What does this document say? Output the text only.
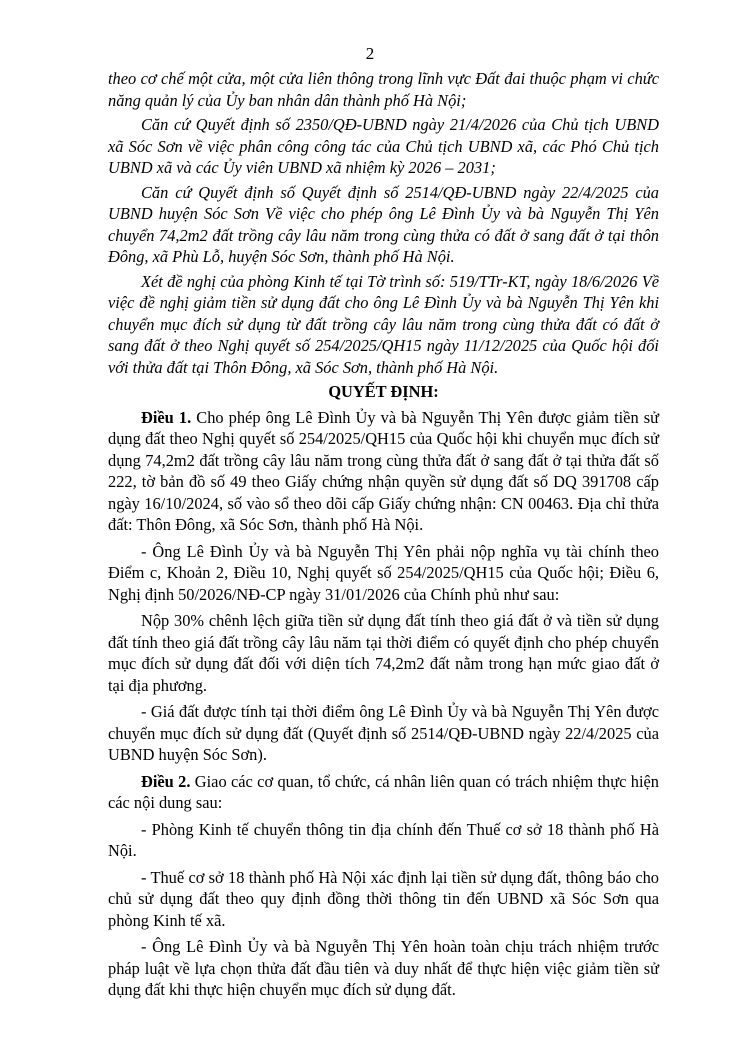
2

theo cơ chế một cửa, một cửa liên thông trong lĩnh vực Đất đai thuộc phạm vi chức năng quản lý của Ủy ban nhân dân thành phố Hà Nội;

Căn cứ Quyết định số 2350/QĐ-UBND ngày 21/4/2026 của Chủ tịch UBND xã Sóc Sơn về việc phân công công tác của Chủ tịch UBND xã, các Phó Chủ tịch UBND xã và các Ủy viên UBND xã nhiệm kỳ 2026 – 2031;

Căn cứ Quyết định số Quyết định số 2514/QĐ-UBND ngày 22/4/2025 của UBND huyện Sóc Sơn Về việc cho phép ông Lê Đình Ủy và bà Nguyễn Thị Yên chuyển 74,2m2 đất trồng cây lâu năm trong cùng thửa có đất ở sang đất ở tại thôn Đông, xã Phù Lỗ, huyện Sóc Sơn, thành phố Hà Nội.

Xét đề nghị của phòng Kinh tế tại Tờ trình số: 519/TTr-KT, ngày 18/6/2026 Về việc đề nghị giảm tiền sử dụng đất cho ông Lê Đình Ủy và bà Nguyễn Thị Yên khi chuyển mục đích sử dụng từ đất trồng cây lâu năm trong cùng thửa đất có đất ở sang đất ở theo Nghị quyết số 254/2025/QH15 ngày 11/12/2025 của Quốc hội đối với thửa đất tại Thôn Đông, xã Sóc Sơn, thành phố Hà Nội.

QUYẾT ĐỊNH:

Điều 1. Cho phép ông Lê Đình Ủy và bà Nguyễn Thị Yên được giảm tiền sử dụng đất theo Nghị quyết số 254/2025/QH15 của Quốc hội khi chuyển mục đích sử dụng 74,2m2 đất trồng cây lâu năm trong cùng thửa đất ở sang đất ở tại thửa đất số 222, tờ bản đồ số 49 theo Giấy chứng nhận quyền sử dụng đất số DQ 391708 cấp ngày 16/10/2024, số vào sổ theo dõi cấp Giấy chứng nhận: CN 00463. Địa chỉ thửa đất: Thôn Đông, xã Sóc Sơn, thành phố Hà Nội.

- Ông Lê Đình Ủy và bà Nguyễn Thị Yên phải nộp nghĩa vụ tài chính theo Điểm c, Khoản 2, Điều 10, Nghị quyết số 254/2025/QH15 của Quốc hội; Điều 6, Nghị định 50/2026/NĐ-CP ngày 31/01/2026 của Chính phủ như sau:

Nộp 30% chênh lệch giữa tiền sử dụng đất tính theo giá đất ở và tiền sử dụng đất tính theo giá đất trồng cây lâu năm tại thời điểm có quyết định cho phép chuyển mục đích sử dụng đất đối với diện tích 74,2m2 đất nằm trong hạn mức giao đất ở tại địa phương.

- Giá đất được tính tại thời điểm ông Lê Đình Ủy và bà Nguyễn Thị Yên được chuyển mục đích sử dụng đất (Quyết định số 2514/QĐ-UBND ngày 22/4/2025 của UBND huyện Sóc Sơn).

Điều 2. Giao các cơ quan, tổ chức, cá nhân liên quan có trách nhiệm thực hiện các nội dung sau:

- Phòng Kinh tế chuyển thông tin địa chính đến Thuế cơ sở 18 thành phố Hà Nội.

- Thuế cơ sở 18 thành phố Hà Nội xác định lại tiền sử dụng đất, thông báo cho chủ sử dụng đất theo quy định đồng thời thông tin đến UBND xã Sóc Sơn qua phòng Kinh tế xã.

- Ông Lê Đình Ủy và bà Nguyễn Thị Yên hoàn toàn chịu trách nhiệm trước pháp luật về lựa chọn thửa đất đầu tiên và duy nhất để thực hiện việc giảm tiền sử dụng đất khi thực hiện chuyển mục đích sử dụng đất.
